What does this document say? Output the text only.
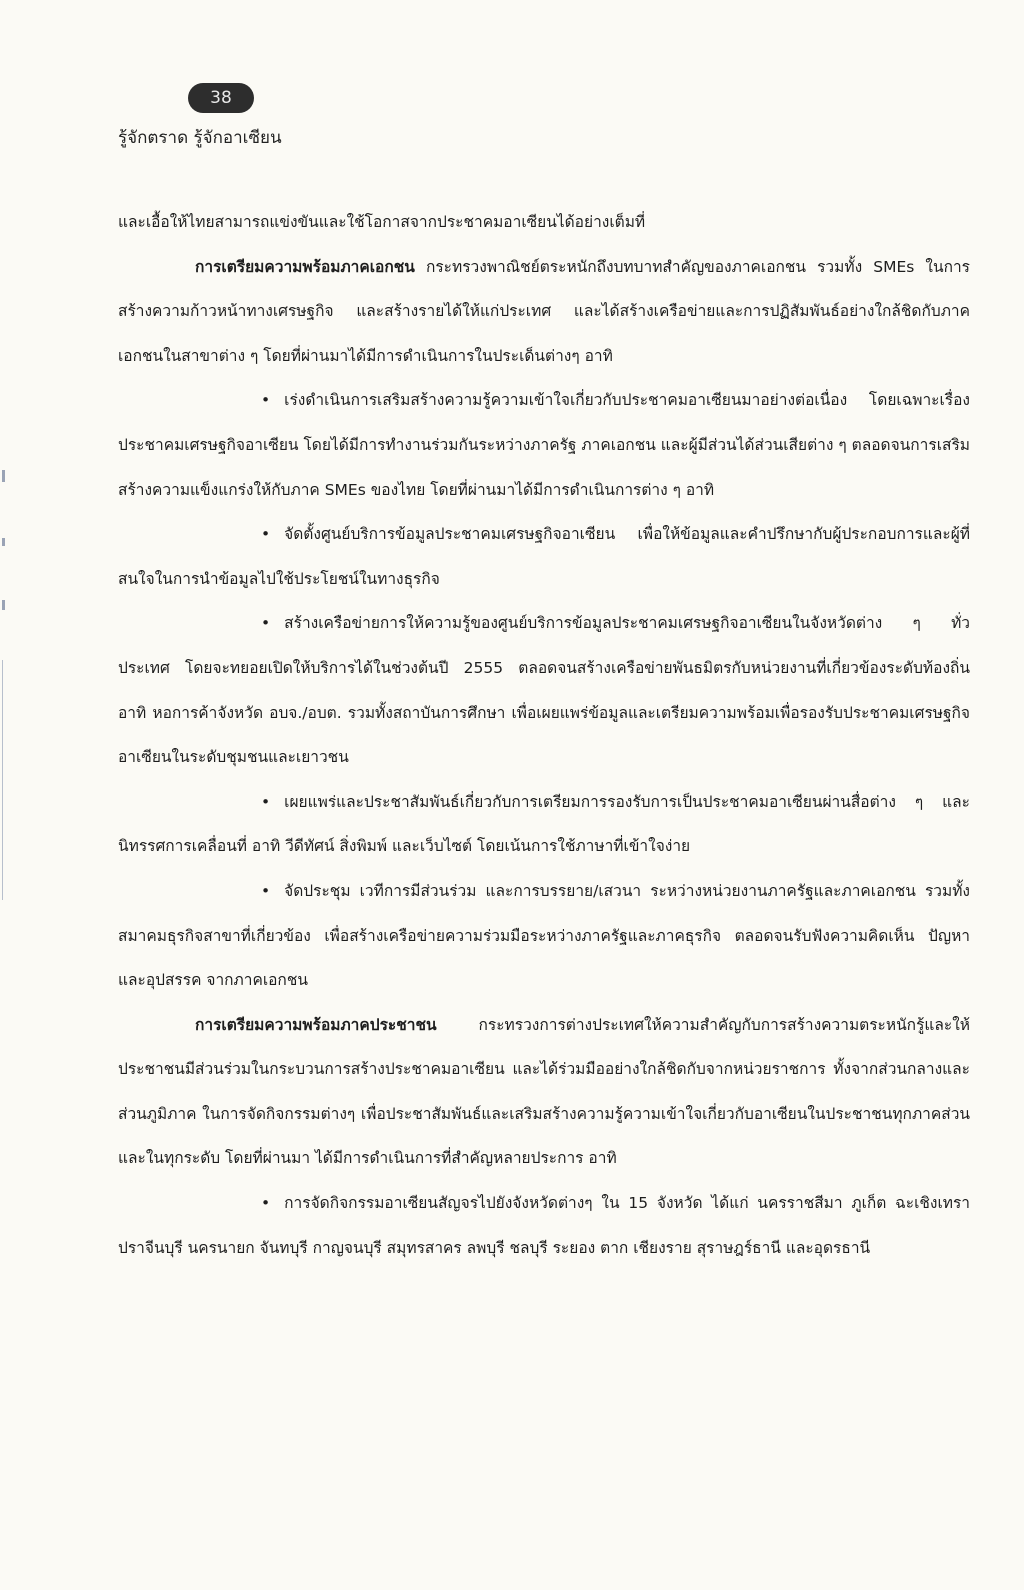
38
รู้จักตราด รู้จักอาเซียน

และเอื้อให้ไทยสามารถแข่งขันและใช้โอกาสจากประชาคมอาเซียนได้อย่างเต็มที่

การเตรียมความพร้อมภาคเอกชน กระทรวงพาณิชย์ตระหนักถึงบทบาทสำคัญของภาคเอกชน รวมทั้ง SMEs ในการสร้างความก้าวหน้าทางเศรษฐกิจ และสร้างรายได้ให้แก่ประเทศ และได้สร้างเครือข่ายและการปฏิสัมพันธ์อย่างใกล้ชิดกับภาคเอกชนในสาขาต่าง ๆ โดยที่ผ่านมาได้มีการดำเนินการในประเด็นต่างๆ อาทิ

• เร่งดำเนินการเสริมสร้างความรู้ความเข้าใจเกี่ยวกับประชาคมอาเซียนมาอย่างต่อเนื่อง โดยเฉพาะเรื่องประชาคมเศรษฐกิจอาเซียน โดยได้มีการทำงานร่วมกันระหว่างภาครัฐ ภาคเอกชน และผู้มีส่วนได้ส่วนเสียต่าง ๆ ตลอดจนการเสริมสร้างความแข็งแกร่งให้กับภาค SMEs ของไทย โดยที่ผ่านมาได้มีการดำเนินการต่าง ๆ อาทิ

• จัดตั้งศูนย์บริการข้อมูลประชาคมเศรษฐกิจอาเซียน เพื่อให้ข้อมูลและคำปรึกษากับผู้ประกอบการและผู้ที่สนใจในการนำข้อมูลไปใช้ประโยชน์ในทางธุรกิจ

• สร้างเครือข่ายการให้ความรู้ของศูนย์บริการข้อมูลประชาคมเศรษฐกิจอาเซียนในจังหวัดต่าง ๆ ทั่วประเทศ โดยจะทยอยเปิดให้บริการได้ในช่วงต้นปี 2555 ตลอดจนสร้างเครือข่ายพันธมิตรกับหน่วยงานที่เกี่ยวข้องระดับท้องถิ่น อาทิ หอการค้าจังหวัด อบจ./อบต. รวมทั้งสถาบันการศึกษา เพื่อเผยแพร่ข้อมูลและเตรียมความพร้อมเพื่อรองรับประชาคมเศรษฐกิจอาเซียนในระดับชุมชนและเยาวชน

• เผยแพร่และประชาสัมพันธ์เกี่ยวกับการเตรียมการรองรับการเป็นประชาคมอาเซียนผ่านสื่อต่าง ๆ และนิทรรศการเคลื่อนที่ อาทิ วีดีทัศน์ สิ่งพิมพ์ และเว็บไซต์ โดยเน้นการใช้ภาษาที่เข้าใจง่าย

• จัดประชุม เวทีการมีส่วนร่วม และการบรรยาย/เสวนา ระหว่างหน่วยงานภาครัฐและภาคเอกชน รวมทั้งสมาคมธุรกิจสาขาที่เกี่ยวข้อง เพื่อสร้างเครือข่ายความร่วมมือระหว่างภาครัฐและภาคธุรกิจ ตลอดจนรับฟังความคิดเห็น ปัญหาและอุปสรรค จากภาคเอกชน

การเตรียมความพร้อมภาคประชาชน กระทรวงการต่างประเทศให้ความสำคัญกับการสร้างความตระหนักรู้และให้ประชาชนมีส่วนร่วมในกระบวนการสร้างประชาคมอาเซียน และได้ร่วมมืออย่างใกล้ชิดกับจากหน่วยราชการ ทั้งจากส่วนกลางและส่วนภูมิภาค ในการจัดกิจกรรมต่างๆ เพื่อประชาสัมพันธ์และเสริมสร้างความรู้ความเข้าใจเกี่ยวกับอาเซียนในประชาชนทุกภาคส่วนและในทุกระดับ โดยที่ผ่านมา ได้มีการดำเนินการที่สำคัญหลายประการ อาทิ

• การจัดกิจกรรมอาเซียนสัญจรไปยังจังหวัดต่างๆ ใน 15 จังหวัด ได้แก่ นครราชสีมา ภูเก็ต ฉะเชิงเทรา ปราจีนบุรี นครนายก จันทบุรี กาญจนบุรี สมุทรสาคร ลพบุรี ชลบุรี ระยอง ตาก เชียงราย สุราษฎร์ธานี และอุดรธานี
